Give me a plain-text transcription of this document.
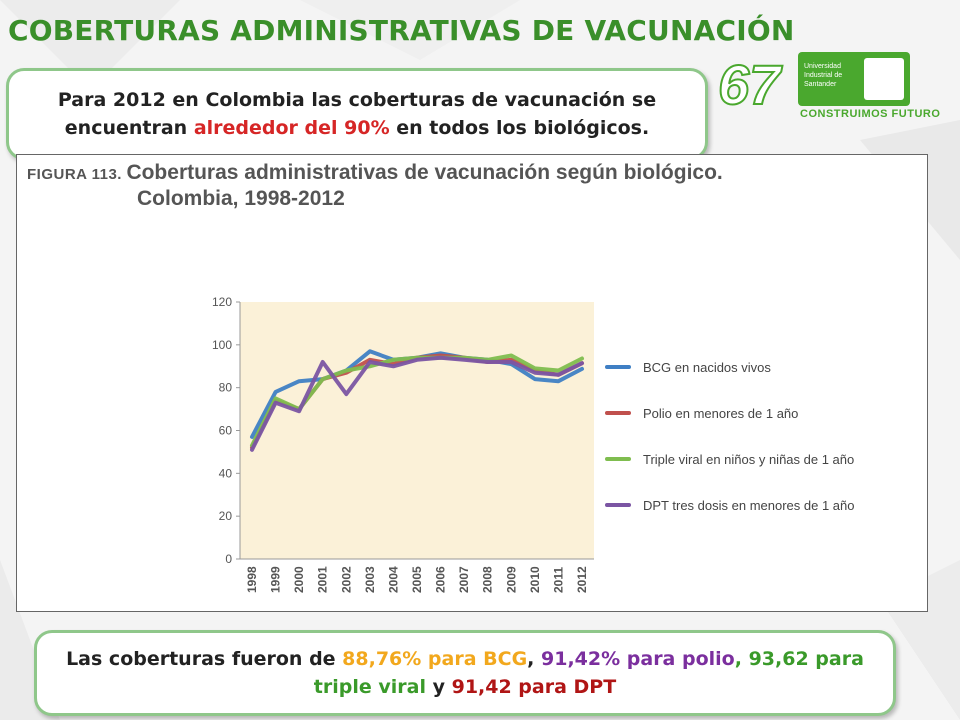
COBERTURAS ADMINISTRATIVAS DE VACUNACIÓN
67	Universidad Industrial de Santander
CONSTRUIMOS FUTURO
Para 2012 en Colombia las coberturas de vacunación se encuentran alrededor del 90% en todos los biológicos.
FIGURA 113. Coberturas administrativas de vacunación según biológico.
Colombia, 1998-2012
0
20
40
60
80
100
120
1998 1999 2000 2001 2002 2003 2004 2005 2006 2007 2008 2009 2010 2011 2012
BCG en nacidos vivos
Polio en menores de 1 año
Triple viral en niños y niñas de 1 año
DPT tres dosis en menores de 1 año
Las coberturas fueron de 88,76% para BCG, 91,42% para polio, 93,62 para triple viral y 91,42 para DPT
